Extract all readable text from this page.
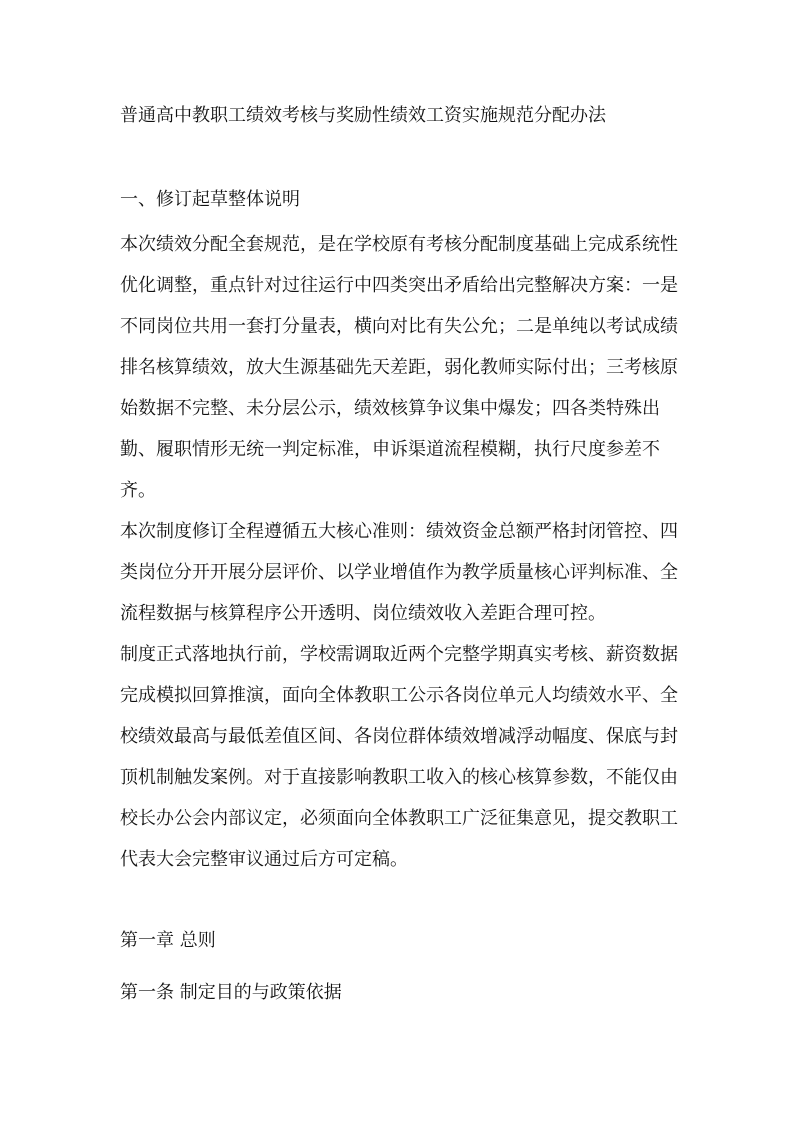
普通高中教职工绩效考核与奖励性绩效工资实施规范分配办法
一、修订起草整体说明

本次绩效分配全套规范，是在学校原有考核分配制度基础上完成系统性优化调整，重点针对过往运行中四类突出矛盾给出完整解决方案：一是不同岗位共用一套打分量表，横向对比有失公允；二是单纯以考试成绩排名核算绩效，放大生源基础先天差距，弱化教师实际付出；三考核原始数据不完整、未分层公示，绩效核算争议集中爆发；四各类特殊出勤、履职情形无统一判定标准，申诉渠道流程模糊，执行尺度参差不齐。

本次制度修订全程遵循五大核心准则：绩效资金总额严格封闭管控、四类岗位分开开展分层评价、以学业增值作为教学质量核心评判标准、全流程数据与核算程序公开透明、岗位绩效收入差距合理可控。

制度正式落地执行前，学校需调取近两个完整学期真实考核、薪资数据完成模拟回算推演，面向全体教职工公示各岗位单元人均绩效水平、全校绩效最高与最低差值区间、各岗位群体绩效增减浮动幅度、保底与封顶机制触发案例。对于直接影响教职工收入的核心核算参数，不能仅由校长办公会内部议定，必须面向全体教职工广泛征集意见，提交教职工代表大会完整审议通过后方可定稿。

第一章 总则
第一条 制定目的与政策依据
